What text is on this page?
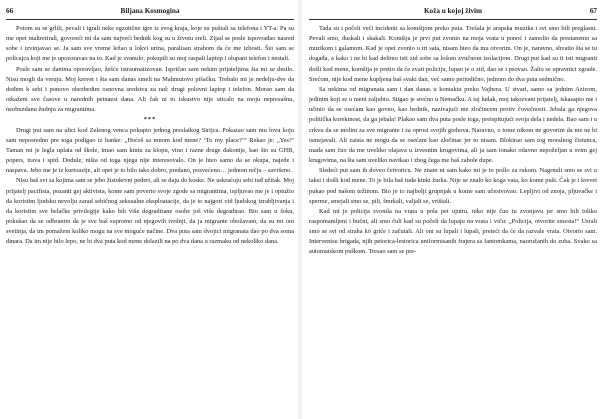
66	Biljana Kosmogina

Potom su se grlili, pevali i igrali neke egzotične igre iz svog kraja, koje su puštali sa telefona i YT-a. Pa su me opet maltretirali, govoreći mi da sam najveći bednik kog su u životu sreli. Zijad se posle ispovrađao nasred sobe i izvinjavao se. Ja sam sve vreme ležao u lokvi urina, paralisan strahom da će me izbosti. Što sam se policajca koji me je upozoravao na to. Kad je svanulo, pokupili su moj raspali laptop i olupani telefon i nestali.

Posle sam se danima oporavljao, žešće istraumatizovan. Ispričao sam nekim prijateljima šta mi se desilo. Nisu mogli da veruju. Moj krevet i šta sam danas smeli na Mahmutovo pišačku. Trebalo mi je nedelju-dve da dođem k sebi i ponovo obezbedim osnovna sredstva za rad: drugi polovni laptop i telefon. Morao sam da otkažem sve časove u narednih petnaest dana. Ali čak ni to iskustvo nije uticalo na moju nepresušnu, neobuzdanu žudnju za migrantima.

***

Drugi put sam na ulici kod Zelenog venca pokupio jednog preslatkog Sirijca. Pokazao sam mu lovu koju sam neposredno pre toga podigao iz banke: „Hoćeš sa mnom kod mene? ‘To my place?’“ Rekao je: „Yes!“ Taman mi je legla uplata od škole, imao sam kintu za klopu, vino i razne druge đakonije, kao što su GHB, popers, trava i spid. Dodule, ništa od toga njega nije interesovalo. On je hteo samo da se okupa, najede i naspava. Jebo me je iz kurtoazije, ali opet je to bilo tako dobro, predano, posvećeno… jednom rečju – savršeno.

Nisu baš svi sa kojima sam se jebo žistokrvni pederi, ali se daju do koske. Ne uskraćuju sebi tuđ užitak. Moj prijatelj pacifista, pozanti gej aktivista, kome sam poverio svoje zgode sa migrantima, ispljuvao me je i optužio da koristim ljudsku nevolju zarad sebičnog seksualne eksploatacije, da je to najgori vid ljudskog izrabljivanja i da koristim sve belačke privilegije kako bih više degradirane osobe još više degradirao. Bio sam u šoku, pokušao da se odbranim da je sve baš suprotno od njegovih tvrdnji, da ja migrante obožavam, da su mi oni svetinja, da im pomažem koliko mogu na sve moguće načine. Dva puta sam dvojici migranata dao po dva soma dinara. Da im nije bilo lepo, ne bi dva puta kod mene dolazili na po dva dana u razmaku od nekoliko dana.

Koža u kojoj živim	67

Tada su i počeli veći incidenti sa komšijom preko puta. Trešala je arapska muzika i svi smo bili preglasni. Pevali smo, đuskali i skakali. Komšija je prvi put zvonio na moja vrata u ponoć i zamolio da prestanemo sa muzikom i galamom. Kad je opet zvonio u tri sata, nisam hteo da mu otvorim. On je, naravno, shvatio šta se tu događa, a kako i ne bi kad delimo isti zid sobe sa lošom zvučnom izolacijom. Drugi put kad su ti isti migranti došli kod mene, komšija je pretio da će zvati policiju, lupao je o zid, dao se i psovao. Žalio se upravnici zgrade. Srećom, nije kod mene kupljena baš svaki dan, već samo periodično, jednom do dva puta sedmično.

Sa nekima od migranata sam i dan danas u kontaktu preko Vajbera. U stvari, samo sa jednim Azizom, jedinim koji se u meni zaljubio. Stigao je srećno u Nemačku. A taj ludak, moj takozvani prijatelj, iskasapio me i učinio da se osećam kao govno, kao bednik, nazivajući me zločincem protiv čovečnosti. Jebala ga njegova politička korektnost, da ga jebala! Plakao sam dva puta posle toga, preispitujući svoja dela i nedela. Bao sam i u crkvu da se molim za sve migrante i za oprost svojih grehova. Naravno, o tome nikom ne govorim da me ne bi ismejavali. Ali zaista ne mogu da se osećam kao zločinac jer to nisam. Blokirao sam tog moralnog čistunca, mada sam čuo da me uveliko olajava u izvesnim krugovima, ali ja sam ionako odavno nepoželjan u svim gej krugovima, na šta sam uveliko navikao i zbog čega me baš zabole dupe.

Sledeći put sam ih doveo četvoricu. Ne znam ni sam kako mi je to pošlo za rukom. Nagrnuli smo se svi u taksi i došli kod mene. To je bila baš tuda kinki žurka. Nije se znalo ko koga vata, ko kome puši. Čak je i krevet pukao pod našom težinom. Bio je to najbolji grupnjak u kome sam učestvovao. Lepljivi od znoja, pljuvačke i sperme, smejali smo se, pili, šmrkali, valjali se, vrištali.

Kad mi je policija zvonila na vrata u pola pet ujutru, niko nije čuo tu zvonjavu jer smo bili toliko raspomamljeni i bučni, ali smo čuli kad su počeli da lupaju na vrata i viču: „Policija, otvorite smesta!“ Usrali smo se svi od straha kō griće i začutali. Ali oni su lupali i lupali, preteći da će da razvale vrata. Otvorio sam. Intervenisu brigada, njih petorica-lestorica uniformisanih frajera sa fantomkama, naoružanih do zuba. Svako sa automatskom puškom. Tresao sam se pre-
